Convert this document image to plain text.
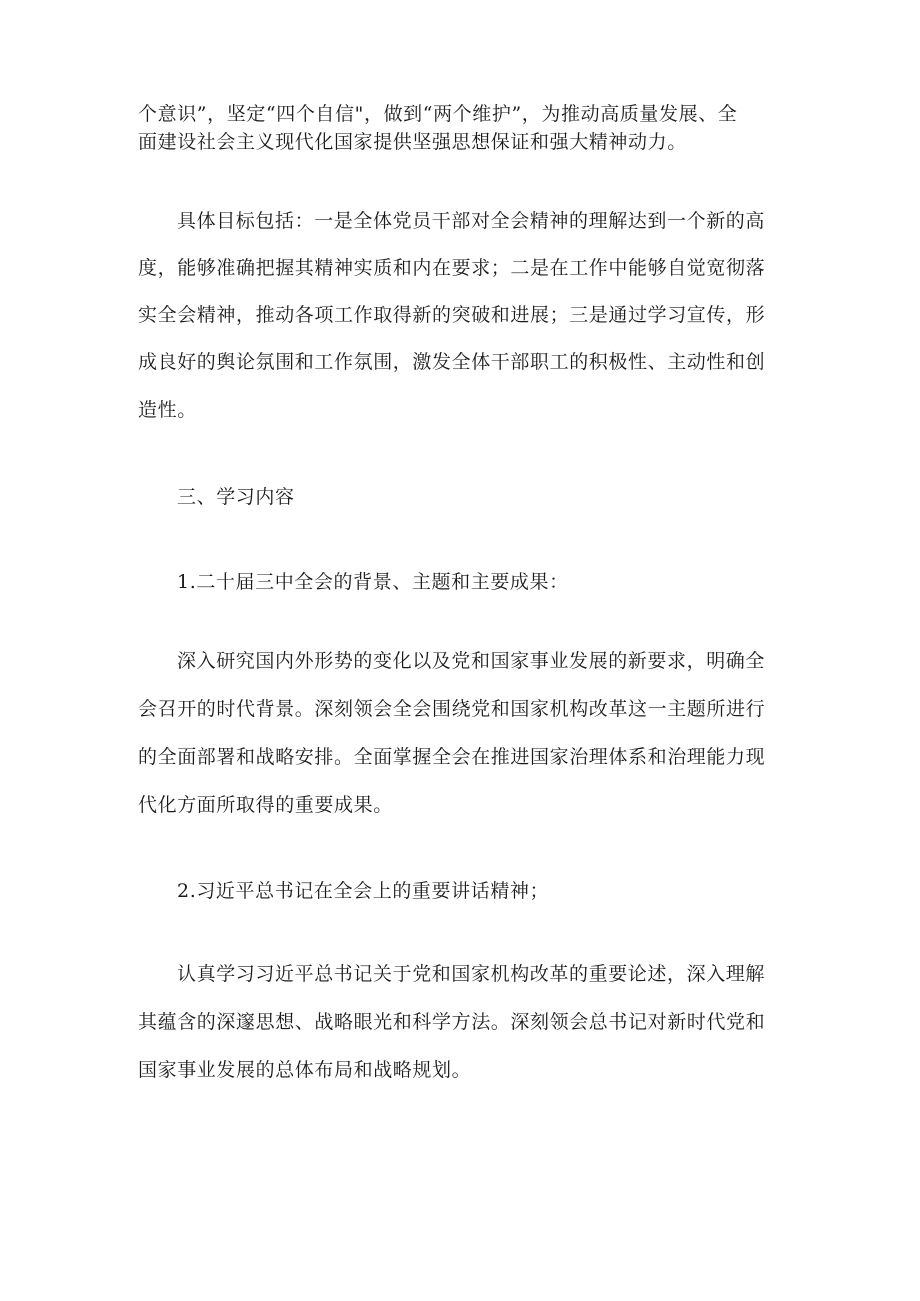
个意识”，坚定“四个自信"，做到“两个维护”，为推动高质量发展、全
面建设社会主义现代化国家提供坚强思想保证和强大精神动力。
具体目标包括：一是全体党员干部对全会精神的理解达到一个新的高
度，能够准确把握其精神实质和内在要求；二是在工作中能够自觉宽彻落
实全会精神，推动各项工作取得新的突破和进展；三是通过学习宣传，形
成良好的舆论氛围和工作氛围，激发全体干部职工的积极性、主动性和创
造性。
三、学习内容
1.二十届三中全会的背景、主题和主要成果：
深入研究国内外形势的变化以及党和国家事业发展的新要求，明确全
会召开的时代背景。深刻领会全会围绕党和国家机构改革这一主题所进行
的全面部署和战略安排。全面掌握全会在推进国家治理体系和治理能力现
代化方面所取得的重要成果。
2.习近平总书记在全会上的重要讲话精神；
认真学习习近平总书记关于党和国家机构改革的重要论述，深入理解
其蕴含的深邃思想、战略眼光和科学方法。深刻领会总书记对新时代党和
国家事业发展的总体布局和战略规划。
